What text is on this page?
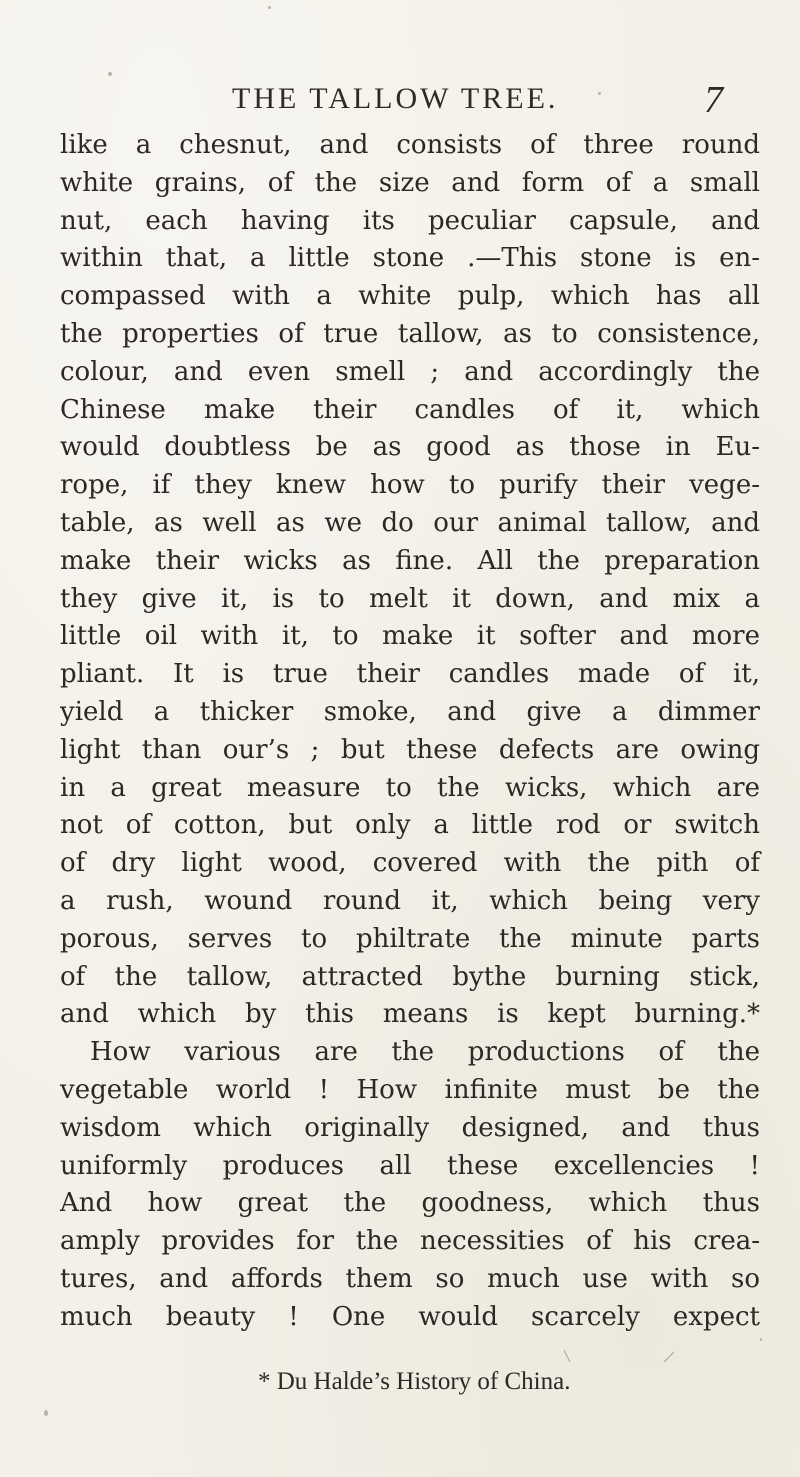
THE TALLOW TREE.	7
like a chesnut, and consists of three round
white grains, of the size and form of a small
nut, each having its peculiar capsule, and
within that, a little stone .—This stone is en-
compassed with a white pulp, which has all
the properties of true tallow, as to consistence,
colour, and even smell ; and accordingly the
Chinese make their candles of it, which
would doubtless be as good as those in Eu-
rope, if they knew how to purify their vege-
table, as well as we do our animal tallow, and
make their wicks as fine. All the preparation
they give it, is to melt it down, and mix a
little oil with it, to make it softer and more
pliant. It is true their candles made of it,
yield a thicker smoke, and give a dimmer
light than our’s ; but these defects are owing
in a great measure to the wicks, which are
not of cotton, but only a little rod or switch
of dry light wood, covered with the pith of
a rush, wound round it, which being very
porous, serves to philtrate the minute parts
of the tallow, attracted bythe burning stick,
and which by this means is kept burning.*
How various are the productions of the
vegetable world ! How infinite must be the
wisdom which originally designed, and thus
uniformly produces all these excellencies !
And how great the goodness, which thus
amply provides for the necessities of his crea-
tures, and affords them so much use with so
much beauty ! One would scarcely expect
* Du Halde’s History of China.
